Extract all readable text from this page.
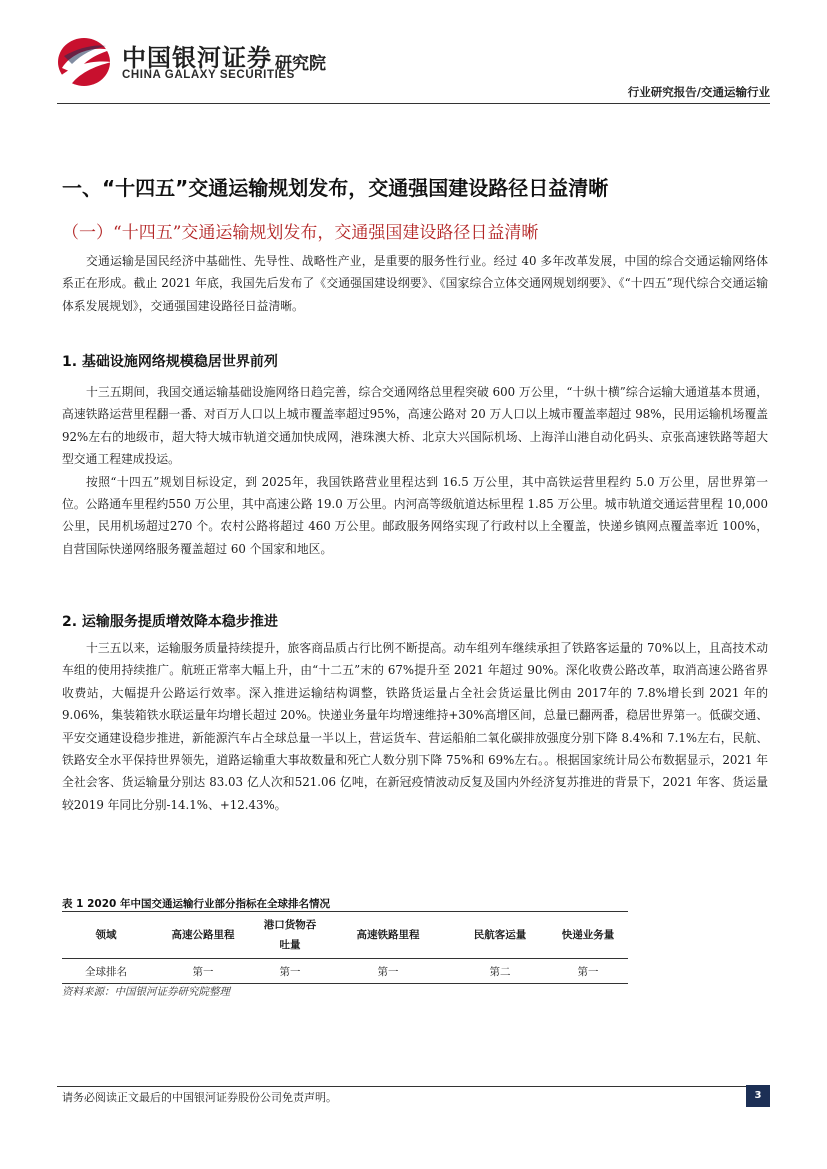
中国银河证券
CHINA GALAXY SECURITIES
研究院
行业研究报告/交通运输行业
一、“十四五”交通运输规划发布，交通强国建设路径日益清晰
（一）“十四五”交通运输规划发布，交通强国建设路径日益清晰

交通运输是国民经济中基础性、先导性、战略性产业，是重要的服务性行业。经过 40 多年改革发展，中国的综合交通运输网络体系正在形成。截止 2021 年底，我国先后发布了《交通强国建设纲要》、《国家综合立体交通网规划纲要》、《“十四五”现代综合交通运输体系发展规划》，交通强国建设路径日益清晰。

1. 基础设施网络规模稳居世界前列

十三五期间，我国交通运输基础设施网络日趋完善，综合交通网络总里程突破 600 万公里，“十纵十横”综合运输大通道基本贯通，高速铁路运营里程翻一番、对百万人口以上城市覆盖率超过95%，高速公路对 20 万人口以上城市覆盖率超过 98%，民用运输机场覆盖 92%左右的地级市，超大特大城市轨道交通加快成网，港珠澳大桥、北京大兴国际机场、上海洋山港自动化码头、京张高速铁路等超大型交通工程建成投运。

按照“十四五”规划目标设定，到 2025年，我国铁路营业里程达到 16.5 万公里，其中高铁运营里程约 5.0 万公里，居世界第一位。公路通车里程约550 万公里，其中高速公路 19.0 万公里。内河高等级航道达标里程 1.85 万公里。城市轨道交通运营里程 10,000 公里，民用机场超过270 个。农村公路将超过 460 万公里。邮政服务网络实现了行政村以上全覆盖，快递乡镇网点覆盖率近 100%，自营国际快递网络服务覆盖超过 60 个国家和地区。

2. 运输服务提质增效降本稳步推进

十三五以来，运输服务质量持续提升，旅客商品质占行比例不断提高。动车组列车继续承担了铁路客运量的 70%以上，且高技术动车组的使用持续推广。航班正常率大幅上升，由“十二五”末的 67%提升至 2021 年超过 90%。深化收费公路改革，取消高速公路省界收费站，大幅提升公路运行效率。深入推进运输结构调整，铁路货运量占全社会货运量比例由 2017年的 7.8%增长到 2021 年的 9.06%，集装箱铁水联运量年均增长超过 20%。快递业务量年均增速维持+30%高增区间，总量已翻两番，稳居世界第一。低碳交通、平安交通建设稳步推进，新能源汽车占全球总量一半以上，营运货车、营运船舶二氧化碳排放强度分别下降 8.4%和 7.1%左右，民航、铁路安全水平保持世界领先，道路运输重大事故数量和死亡人数分别下降 75%和 69%左右。。根据国家统计局公布数据显示，2021 年全社会客、货运输量分别达 83.03 亿人次和521.06 亿吨，在新冠疫情波动反复及国内外经济复苏推进的背景下，2021 年客、货运量较2019 年同比分别-14.1%、+12.43%。

表 1 2020 年中国交通运输行业部分指标在全球排名情况
领域	高速公路里程	港口货物吞吐量	高速铁路里程	民航客运量	快递业务量
全球排名	第一	第一	第一	第二	第一
资料来源：中国银河证券研究院整理
请务必阅读正文最后的中国银河证券股份公司免责声明。	3
